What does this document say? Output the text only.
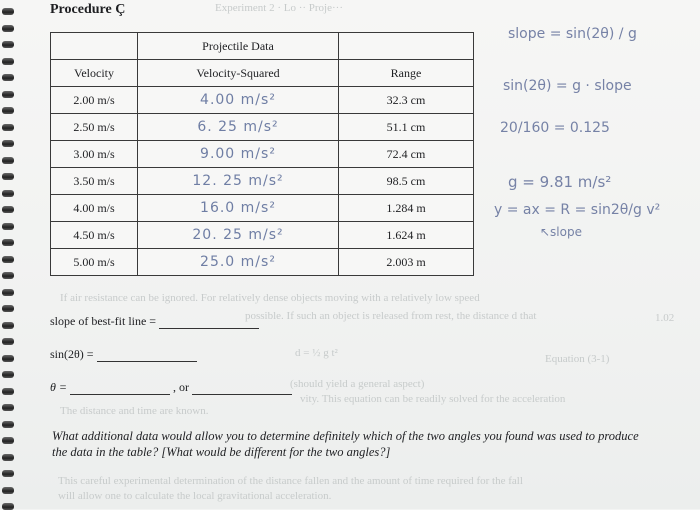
Experiment 2 · Lo ·· Proje···
If air resistance can be ignored. For relatively dense objects moving with a relatively low speed
possible. If such an object is released from rest, the distance d that
d = ½ g t²	Equation (3-1)
(should yield a general aspect)
vity. This equation can be readily solved for the acceleration
The distance and time are known.
This careful experimental determination of the distance fallen and the amount of time required for the fall
will allow one to calculate the local gravitational acceleration.
1.02
Procedure Ç
	Projectile Data	
Velocity	Velocity-Squared	Range
2.00 m/s	4.00 m/s²	32.3 cm
2.50 m/s	6. 25 m/s²	51.1 cm
3.00 m/s	9.00 m/s²	72.4 cm
3.50 m/s	12. 25 m/s²	98.5 cm
4.00 m/s	16.0 m/s²	1.284 m
4.50 m/s	20. 25 m/s²	1.624 m
5.00 m/s	25.0 m/s²	2.003 m
slope of best-fit line =
sin(2θ) =
θ =	, or
slope = sin(2θ) / g
sin(2θ) = g · slope
20/160 = 0.125
g = 9.81 m/s²
y = ax = R = sin2θ/g v²
↖slope
What additional data would allow you to determine definitely which of the two angles you found was used to produce the data in the table? [What would be different for the two angles?]
